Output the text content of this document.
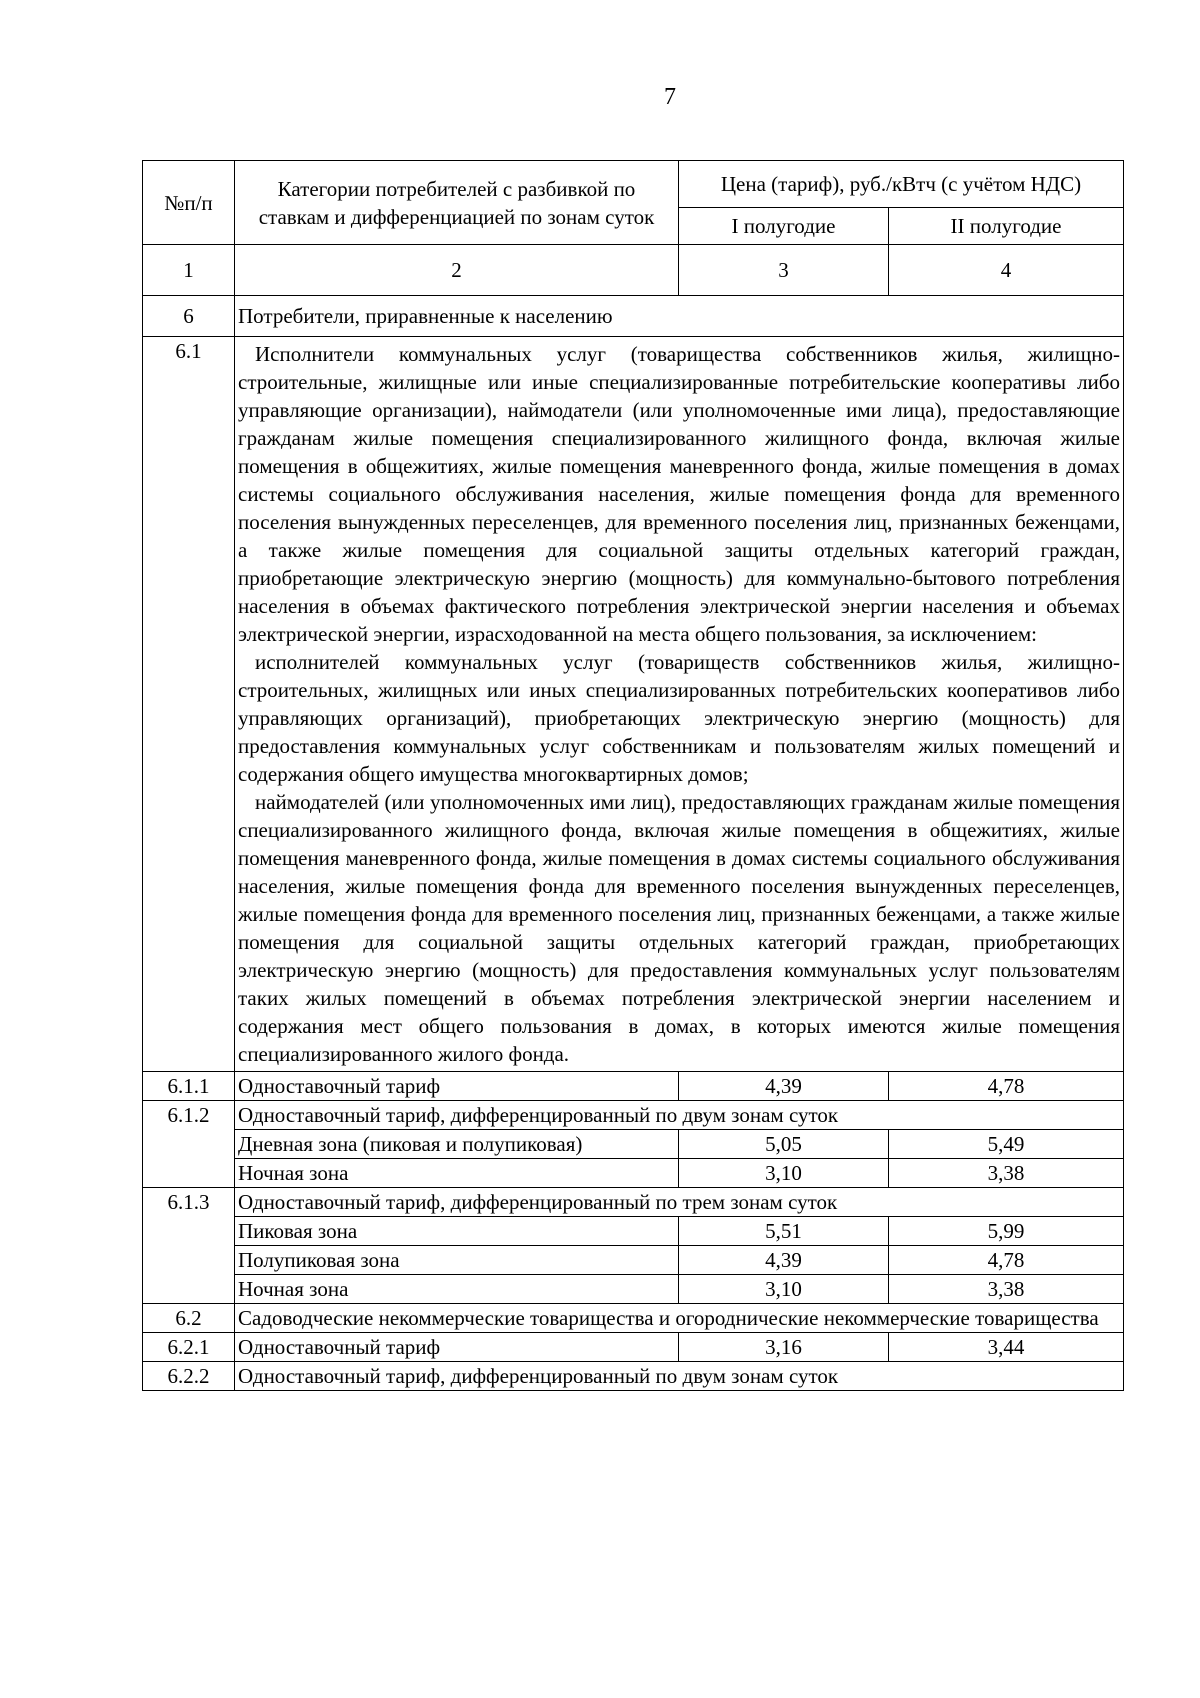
7
№п/п	Категории потребителей с разбивкой по ставкам и дифференциацией по зонам суток	Цена (тариф), руб./кВтч (с учётом НДС)	
		I полугодие	II полугодие
1	2	3	4
6	Потребители, приравненные к населению		
6.1	Исполнители коммунальных услуг (товарищества собственников жилья, жилищно-строительные, жилищные или иные специализированные потребительские кооперативы либо управляющие организации), наймодатели (или уполномоченные ими лица), предоставляющие гражданам жилые помещения специализированного жилищного фонда, включая жилые помещения в общежитиях, жилые помещения маневренного фонда, жилые помещения в домах системы социального обслуживания населения, жилые помещения фонда для временного поселения вынужденных переселенцев, для временного поселения лиц, признанных беженцами, а также жилые помещения для социальной защиты отдельных категорий граждан, приобретающие электрическую энергию (мощность) для коммунально-бытового потребления населения в объемах фактического потребления электрической энергии населения и объемах электрической энергии, израсходованной на места общего пользования, за исключением:

исполнителей коммунальных услуг (товариществ собственников жилья, жилищно-строительных, жилищных или иных специализированных потребительских кооперативов либо управляющих организаций), приобретающих электрическую энергию (мощность) для предоставления коммунальных услуг собственникам и пользователям жилых помещений и содержания общего имущества многоквартирных домов;

наймодателей (или уполномоченных ими лиц), предоставляющих гражданам жилые помещения специализированного жилищного фонда, включая жилые помещения в общежитиях, жилые помещения маневренного фонда, жилые помещения в домах системы социального обслуживания населения, жилые помещения фонда для временного поселения вынужденных переселенцев, жилые помещения фонда для временного поселения лиц, признанных беженцами, а также жилые помещения для социальной защиты отдельных категорий граждан, приобретающих электрическую энергию (мощность) для предоставления коммунальных услуг пользователям таких жилых помещений в объемах потребления электрической энергии населением и содержания мест общего пользования в домах, в которых имеются жилые помещения специализированного жилого фонда.		

6.1.1	Одноставочный тариф	4,39	4,78
6.1.2	Одноставочный тариф, дифференцированный по двум зонам суток		
	Дневная зона (пиковая и полупиковая)	5,05	5,49
	Ночная зона	3,10	3,38
6.1.3	Одноставочный тариф, дифференцированный по трем зонам суток		
	Пиковая зона	5,51	5,99
	Полупиковая зона	4,39	4,78
	Ночная зона	3,10	3,38
6.2	Садоводческие некоммерческие товарищества и огороднические некоммерческие товарищества		
6.2.1	Одноставочный тариф	3,16	3,44
6.2.2	Одноставочный тариф, дифференцированный по двум зонам суток		
